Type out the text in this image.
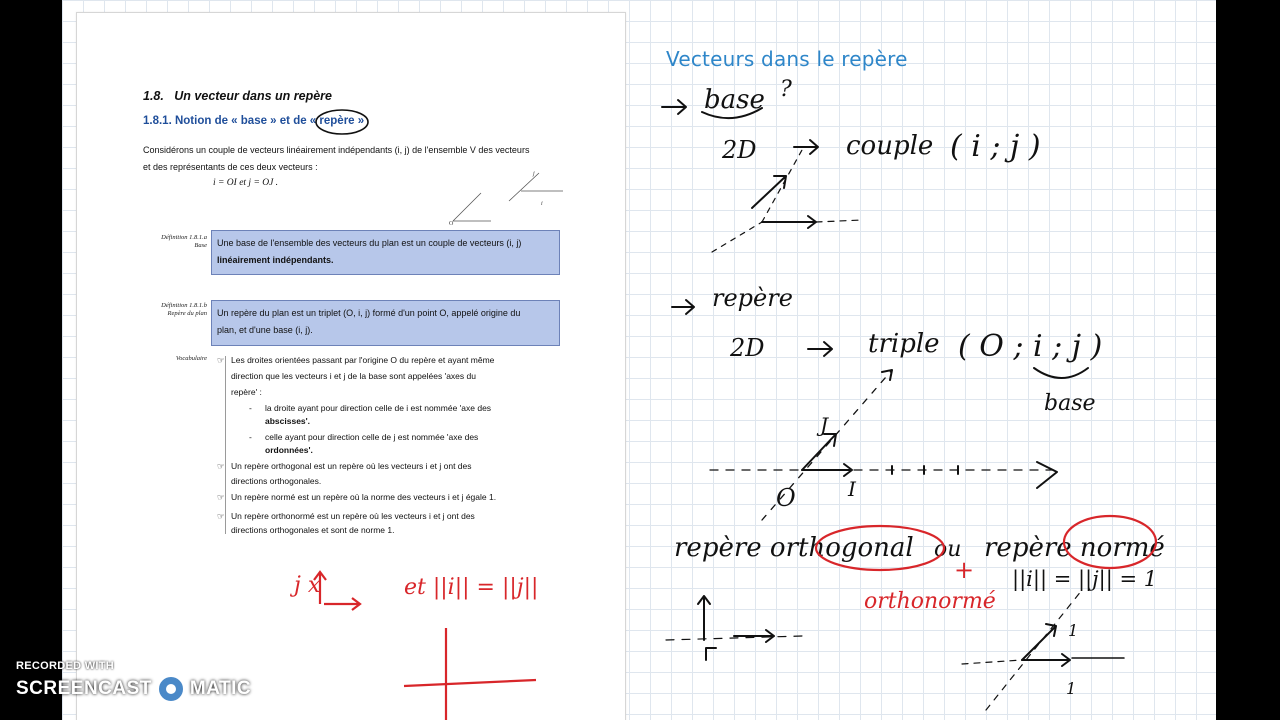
1.8. Un vecteur dans un repère
1.8.1. Notion de « base » et de « repère »
Considérons un couple de vecteurs linéairement indépendants (i, j) de l'ensemble V des vecteurs
et des représentants de ces deux vecteurs :
i = OI et j = OJ .
O
i
j
Définition 1.8.1.a
Base Une base de l'ensemble des vecteurs du plan est un couple de vecteurs (i, j)
linéairement indépendants.
Définition 1.8.1.b
Repère du plan Un repère du plan est un triplet (O, i, j) formé d'un point O, appelé origine du
plan, et d'une base (i, j).
Vocabulaire ☞ Les droites orientées passant par l'origine O du repère et ayant même
direction que les vecteurs i et j de la base sont appelées 'axes du
repère' :
- la droite ayant pour direction celle de i est nommée 'axe des
abscisses'.
- celle ayant pour direction celle de j est nommée 'axe des
ordonnées'.
☞ Un repère orthogonal est un repère où les vecteurs i et j ont des
directions orthogonales.
☞ Un repère normé est un repère où la norme des vecteurs i et j égale 1.
☞ Un repère orthonormé est un repère où les vecteurs i et j ont des
directions orthogonales et sont de norme 1.
Vecteurs dans le repère
base ?
2D	couple ( i ; j )
repère
2D	triple ( O ; i ; j )
base
O	I
J
repère orthogonal ou repère normé
||i|| = ||j|| = 1
1
1
+
orthonormé
j x	et ||i|| = ||j||
RECORDED WITH
SCREENCAST MATIC
